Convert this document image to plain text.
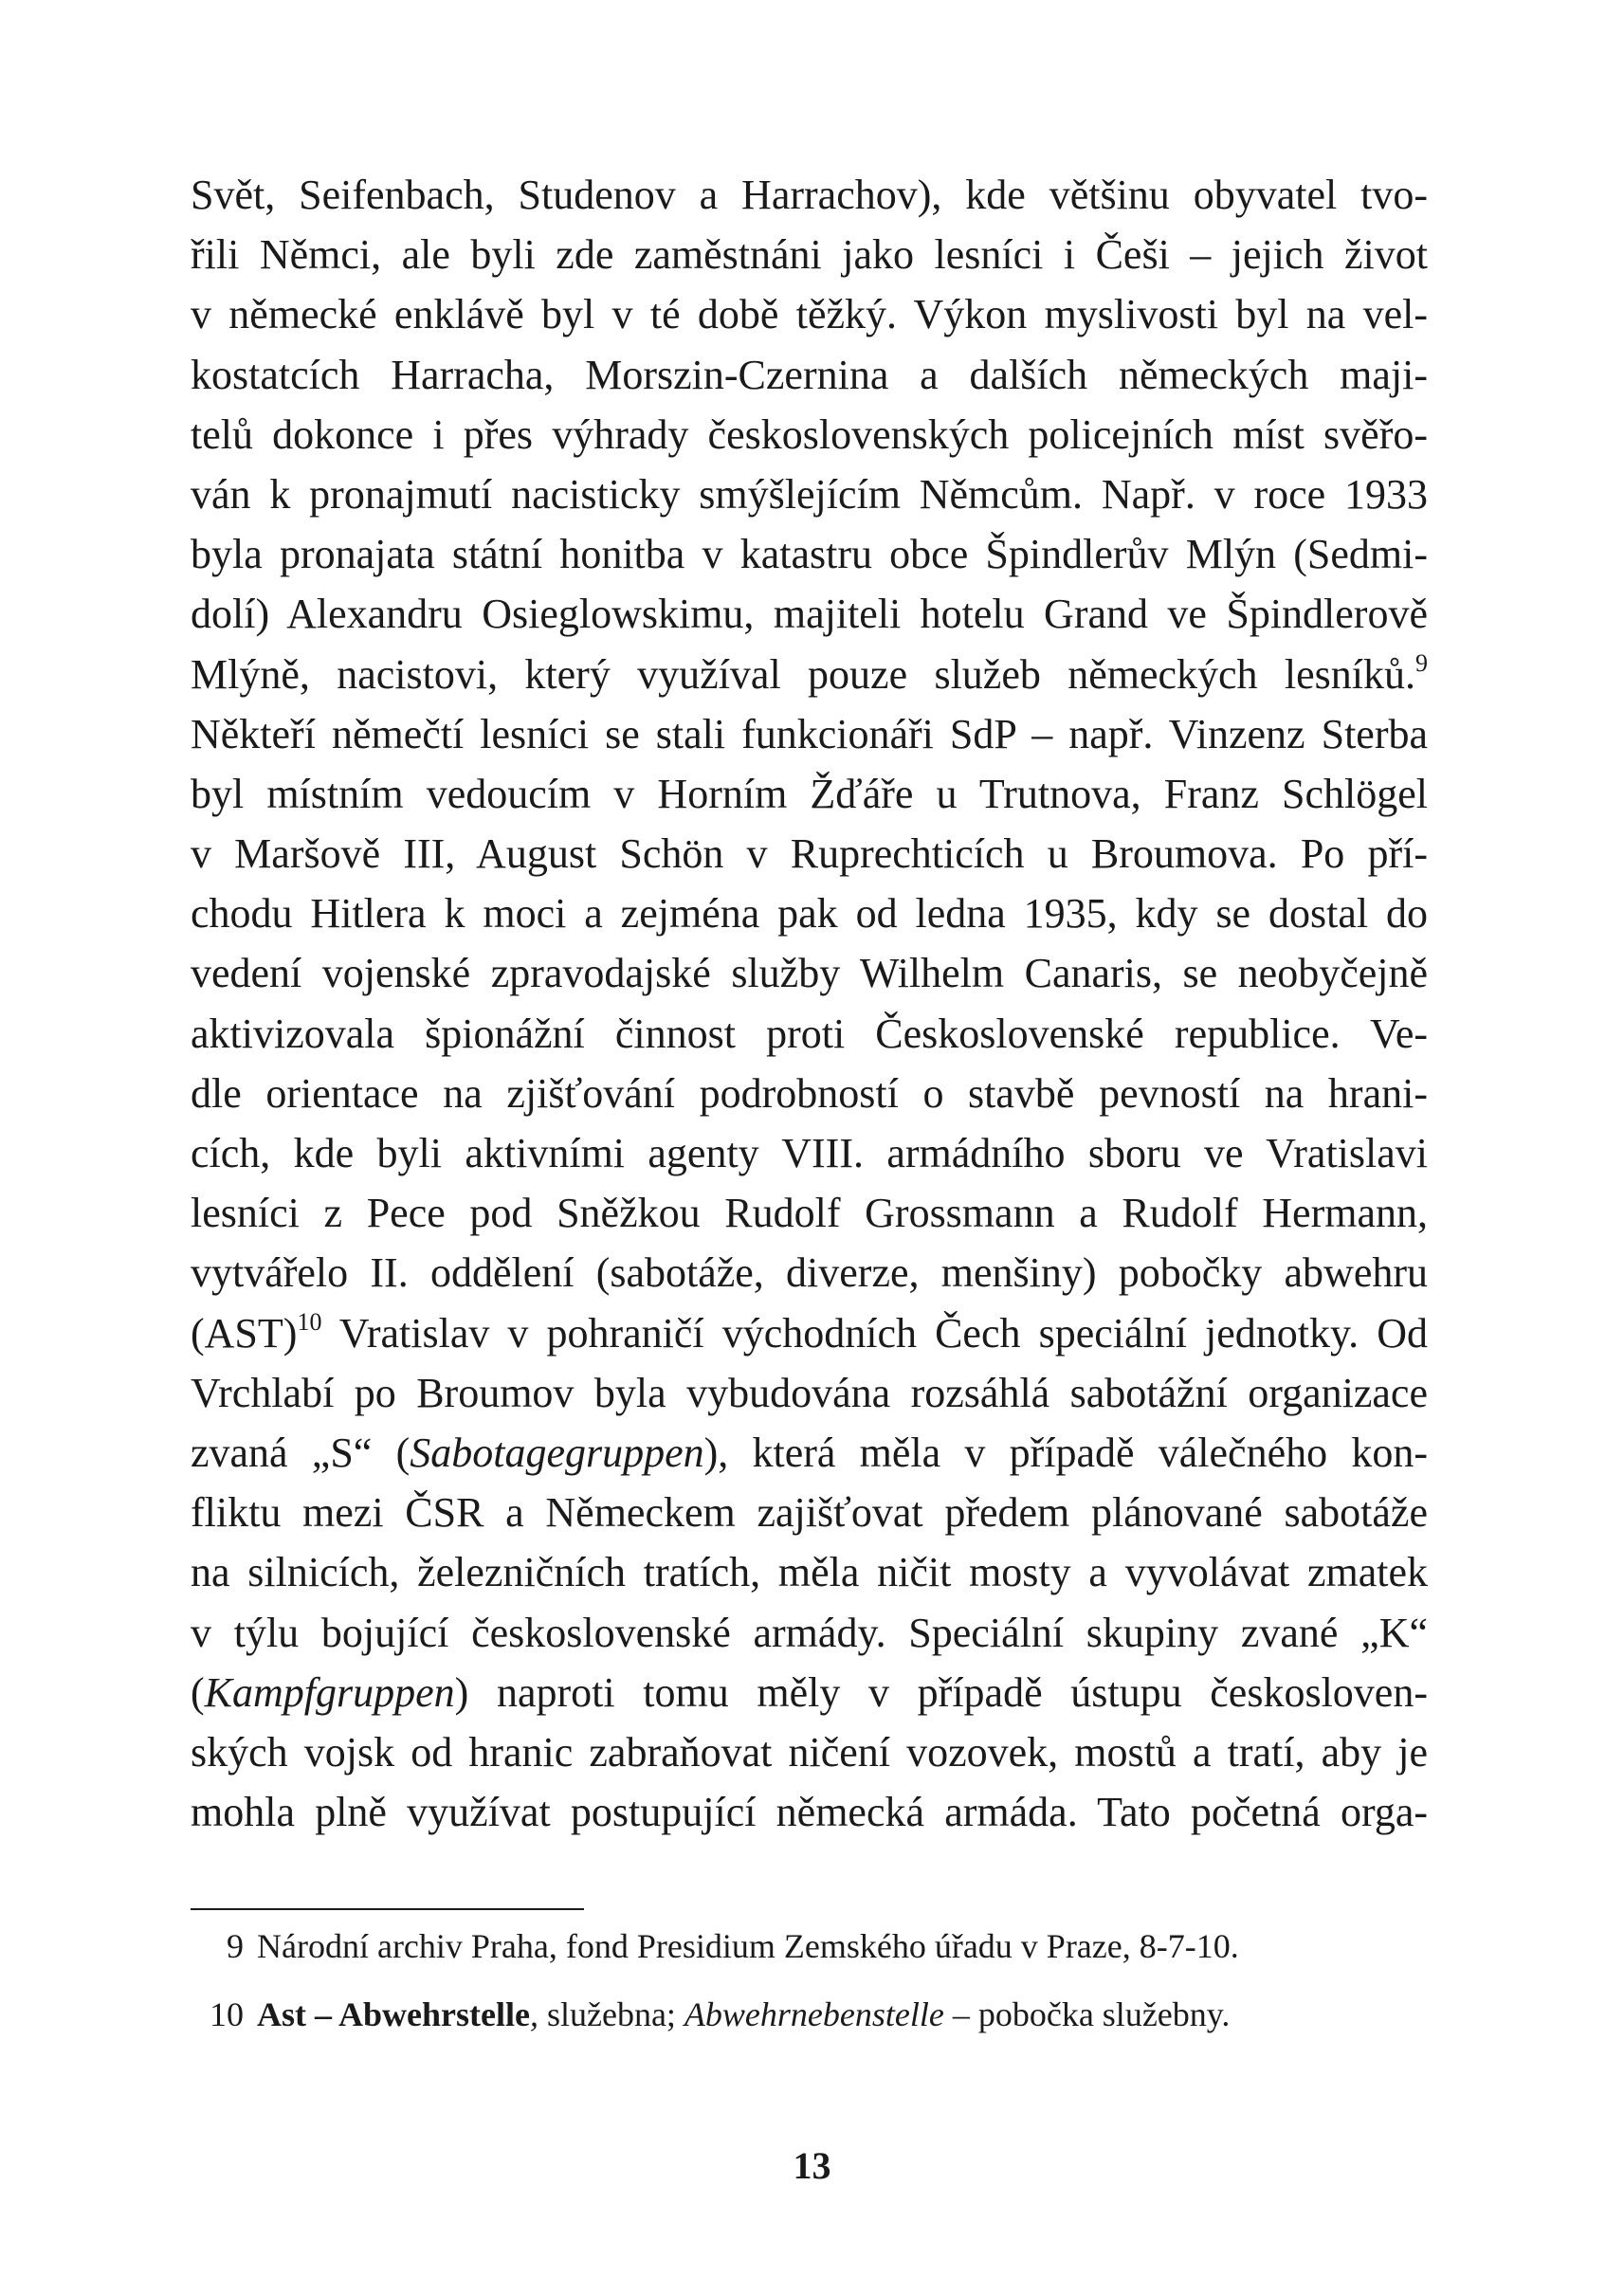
Svět, Seifenbach, Studenov a Harrachov), kde většinu obyvatel tvo-
řili Němci, ale byli zde zaměstnáni jako lesníci i Češi – jejich život
v německé enklávě byl v té době těžký. Výkon myslivosti byl na vel-
kostatcích Harracha, Morszin-Czernina a dalších německých maji-
telů dokonce i přes výhrady československých policejních míst svěřo-
ván k pronajmutí nacisticky smýšlejícím Němcům. Např. v roce 1933
byla pronajata státní honitba v katastru obce Špindlerův Mlýn (Sedmi-
dolí) Alexandru Osieglowskimu, majiteli hotelu Grand ve Špindlerově
Mlýně, nacistovi, který využíval pouze služeb německých lesníků.$^9$
Někteří němečtí lesníci se stali funkcionáři SdP – např. Vinzenz Sterba
byl místním vedoucím v Horním Žďáře u Trutnova, Franz Schlögel
v Maršově III, August Schön v Ruprechticích u Broumova. Po pří-
chodu Hitlera k moci a zejména pak od ledna 1935, kdy se dostal do
vedení vojenské zpravodajské služby Wilhelm Canaris, se neobyčejně
aktivizovala špionážní činnost proti Československé republice. Ve-
dle orientace na zjišťování podrobností o stavbě pevností na hrani-
cích, kde byli aktivními agenty VIII. armádního sboru ve Vratislavi
lesníci z Pece pod Sněžkou Rudolf Grossmann a Rudolf Hermann,
vytvářelo II. oddělení (sabotáže, diverze, menšiny) pobočky abwehru
(AST)$^{10}$ Vratislav v pohraničí východních Čech speciální jednotky. Od
Vrchlabí po Broumov byla vybudována rozsáhlá sabotážní organizace
zvaná „S“ (Sabotagegruppen), která měla v případě válečného kon-
fliktu mezi ČSR a Německem zajišťovat předem plánované sabotáže
na silnicích, železničních tratích, měla ničit mosty a vyvolávat zmatek
v týlu bojující československé armády. Speciální skupiny zvané „K“
(Kampfgruppen) naproti tomu měly v případě ústupu českosloven-
ských vojsk od hranic zabraňovat ničení vozovek, mostů a tratí, aby je
mohla plně využívat postupující německá armáda. Tato početná orga-
9 Národní archiv Praha, fond Presidium Zemského úřadu v Praze, 8-7-10.
10 Ast – Abwehrstelle, služebna; Abwehrnebenstelle – pobočka služebny.
13
